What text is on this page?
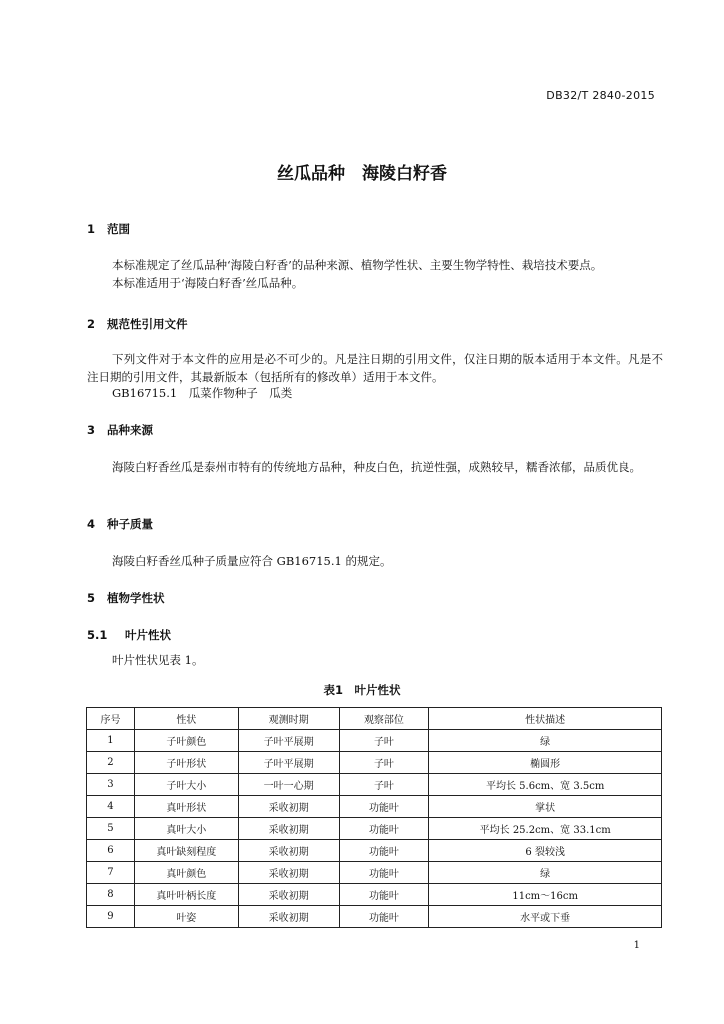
DB32/T 2840-2015
丝瓜品种　海陵白籽香
1 范围
本标准规定了丝瓜品种‘海陵白籽香’的品种来源、植物学性状、主要生物学特性、栽培技术要点。
本标准适用于‘海陵白籽香’丝瓜品种。
2 规范性引用文件
下列文件对于本文件的应用是必不可少的。凡是注日期的引用文件，仅注日期的版本适用于本文件。凡是不注日期的引用文件，其最新版本（包括所有的修改单）适用于本文件。
GB16715.1　瓜菜作物种子　瓜类
3 品种来源
海陵白籽香丝瓜是泰州市特有的传统地方品种，种皮白色，抗逆性强，成熟较早，糯香浓郁，品质优良。
4 种子质量
海陵白籽香丝瓜种子质量应符合 GB16715.1 的规定。
5 植物学性状
5.1 叶片性状
叶片性状见表 1。
表1　叶片性状
序号	性状	观测时期	观察部位	性状描述
1	子叶颜色	子叶平展期	子叶	绿
2	子叶形状	子叶平展期	子叶	椭圆形
3	子叶大小	一叶一心期	子叶	平均长 5.6cm、宽 3.5cm
4	真叶形状	采收初期	功能叶	掌状
5	真叶大小	采收初期	功能叶	平均长 25.2cm、宽 33.1cm
6	真叶缺刻程度	采收初期	功能叶	6 裂较浅
7	真叶颜色	采收初期	功能叶	绿
8	真叶叶柄长度	采收初期	功能叶	11cm～16cm
9	叶姿	采收初期	功能叶	水平或下垂
1
